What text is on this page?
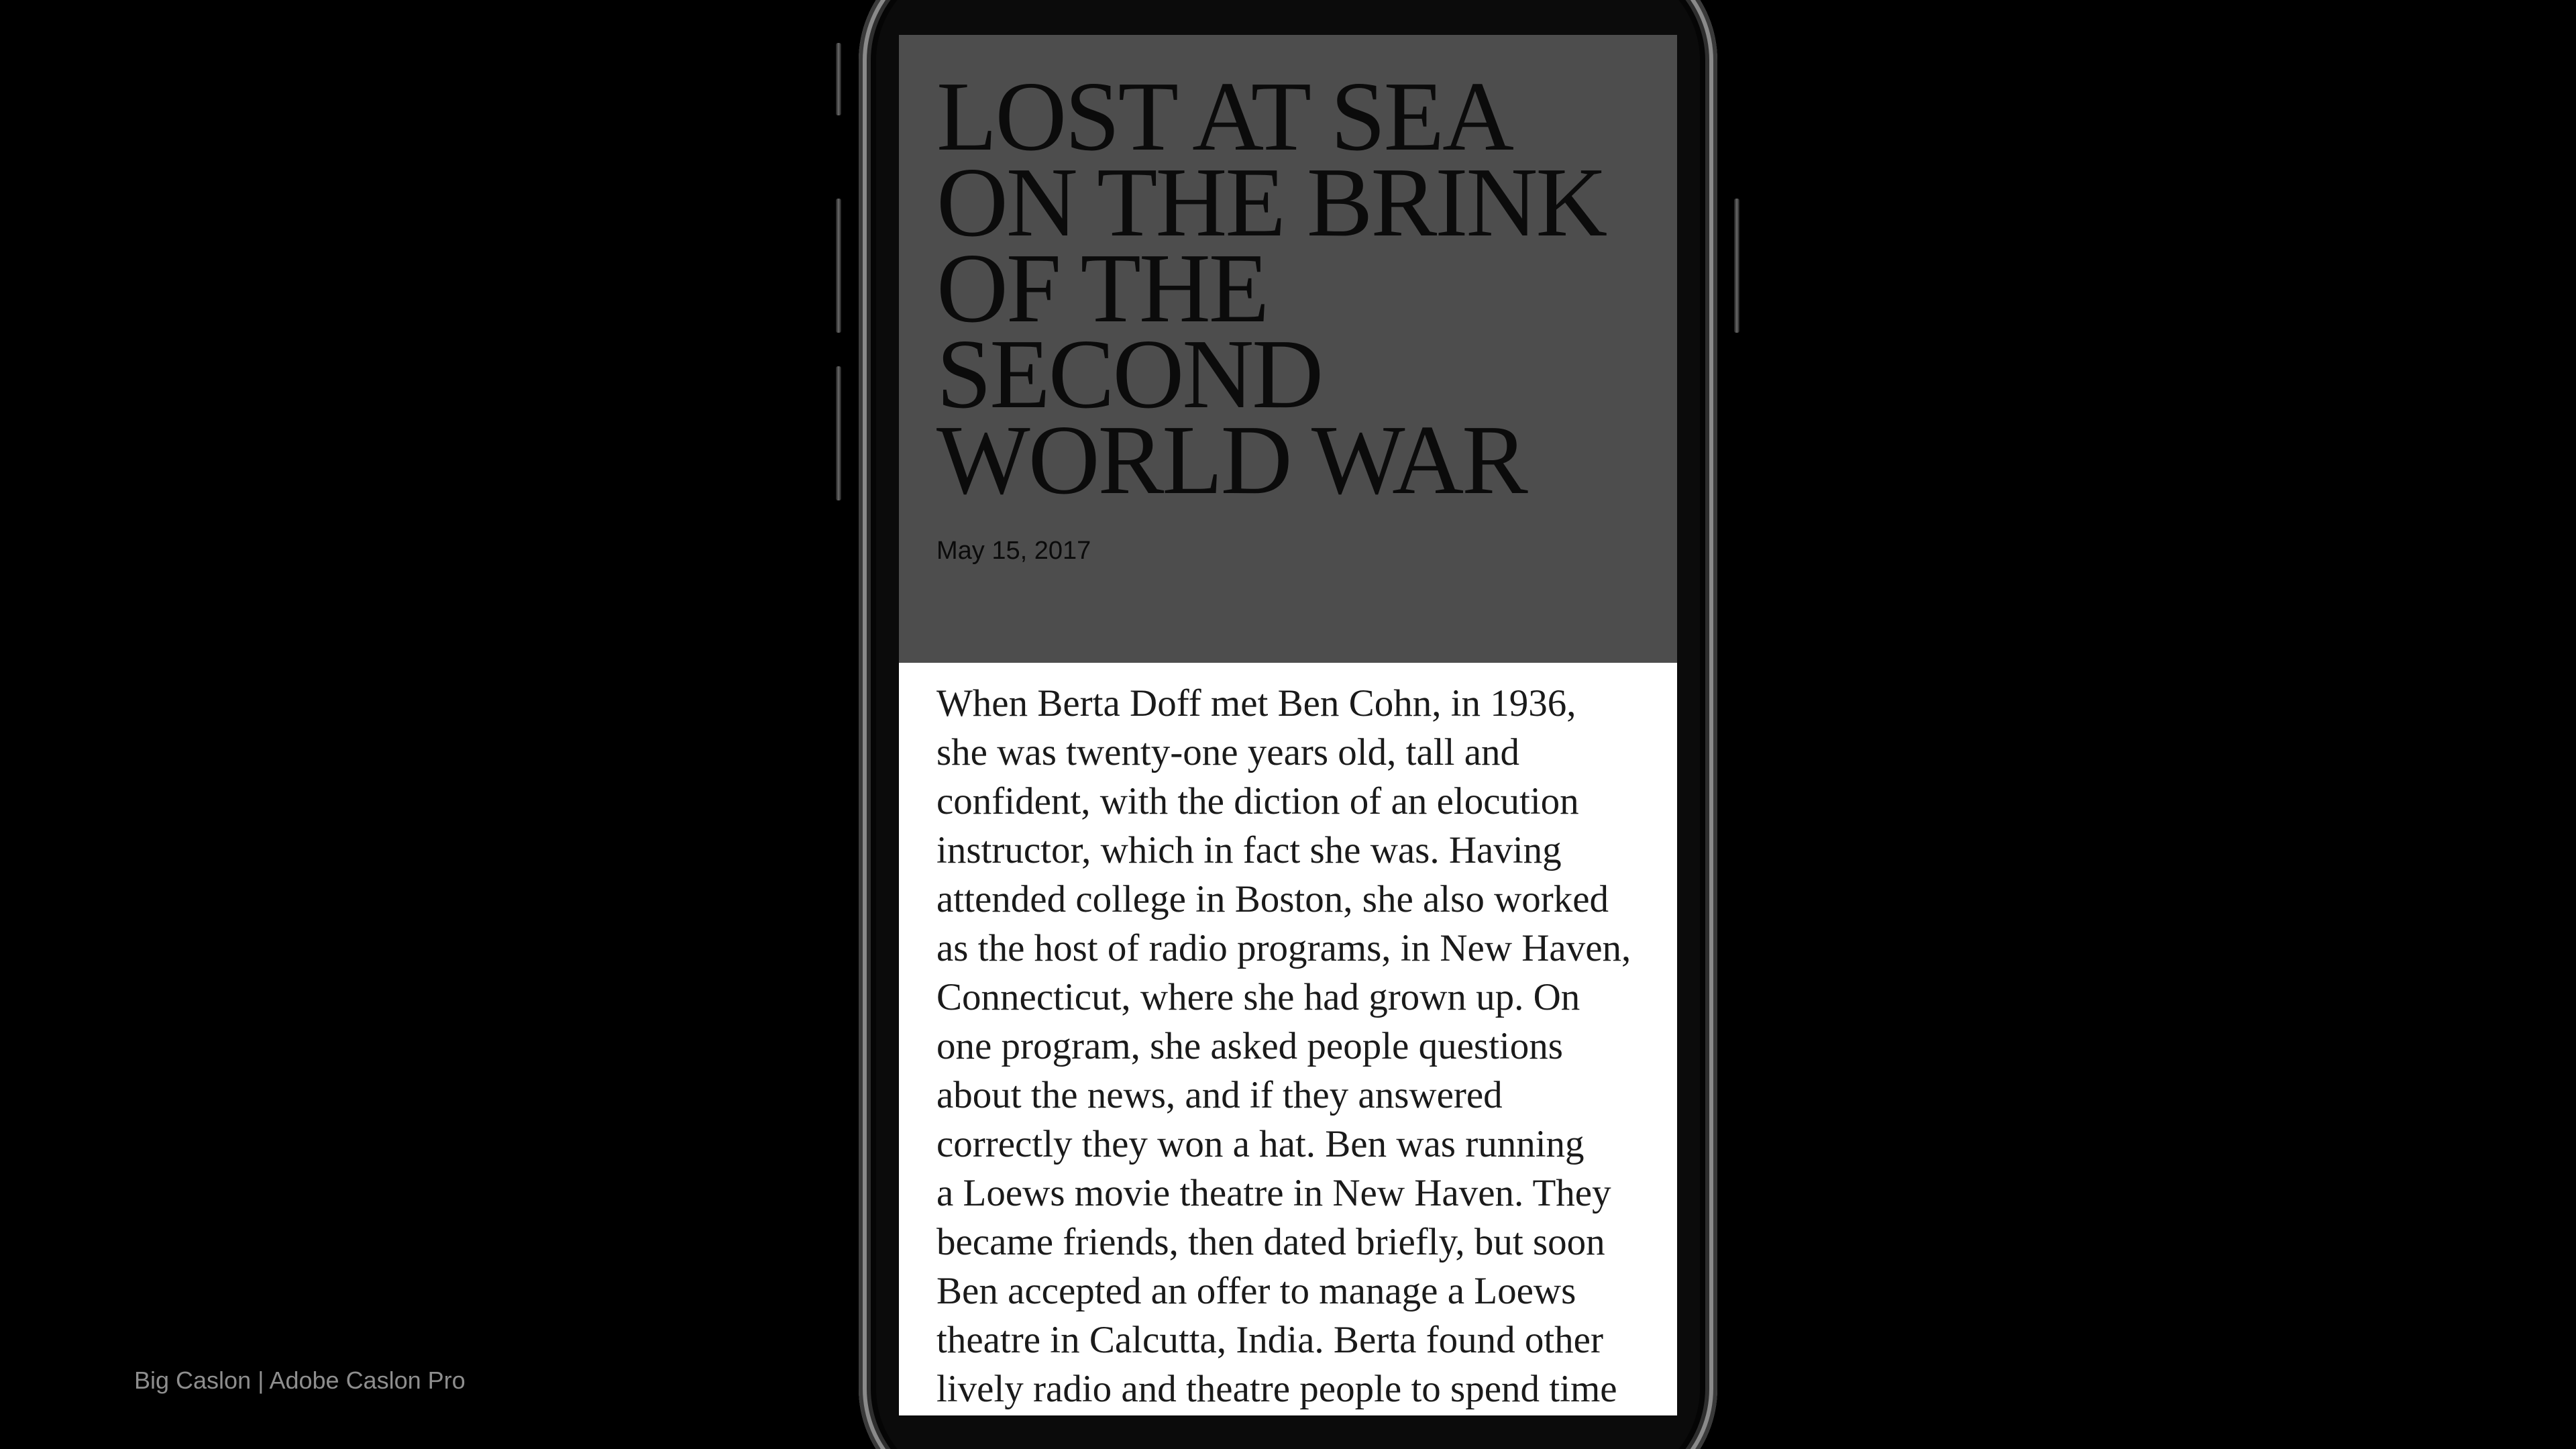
LOST AT SEA
ON THE BRINK
OF THE
SECOND
WORLD WAR
May 15, 2017
When Berta Doff met Ben Cohn, in 1936,
she was twenty-one years old, tall and
confident, with the diction of an elocution
instructor, which in fact she was. Having
attended college in Boston, she also worked
as the host of radio programs, in New Haven,
Connecticut, where she had grown up. On
one program, she asked people questions
about the news, and if they answered
correctly they won a hat. Ben was running
a Loews movie theatre in New Haven. They
became friends, then dated briefly, but soon
Ben accepted an offer to manage a Loews
theatre in Calcutta, India. Berta found other
lively radio and theatre people to spend time
Big Caslon | Adobe Caslon Pro
